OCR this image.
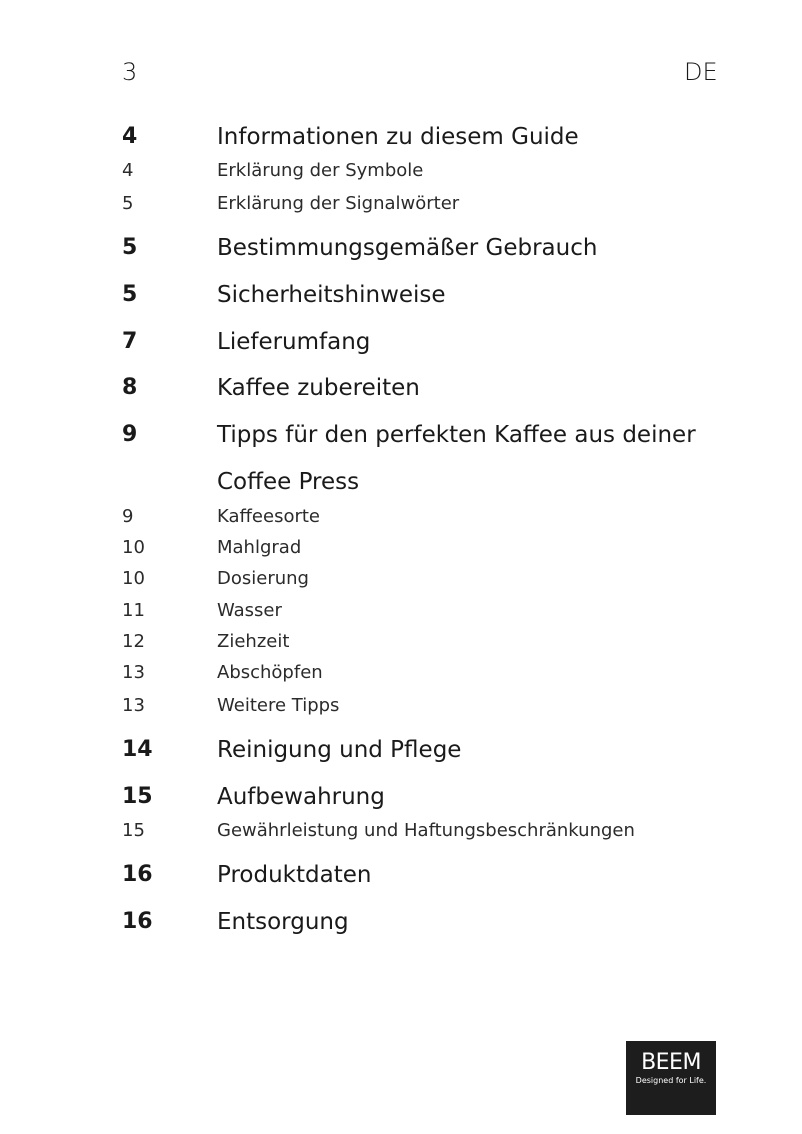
3	DE
4	Informationen zu diesem Guide
4	Erklärung der Symbole
5	Erklärung der Signalwörter
5	Bestimmungsgemäßer Gebrauch
5	Sicherheitshinweise
7	Lieferumfang
8	Kaffee zubereiten
9	Tipps für den perfekten Kaffee aus deiner
Coffee Press
9	Kaffeesorte
10	Mahlgrad
10	Dosierung
11	Wasser
12	Ziehzeit
13	Abschöpfen
13	Weitere Tipps
14	Reinigung und Pflege
15	Aufbewahrung
15	Gewährleistung und Haftungsbeschränkungen
16	Produktdaten
16	Entsorgung
BEEM
Designed for Life.
